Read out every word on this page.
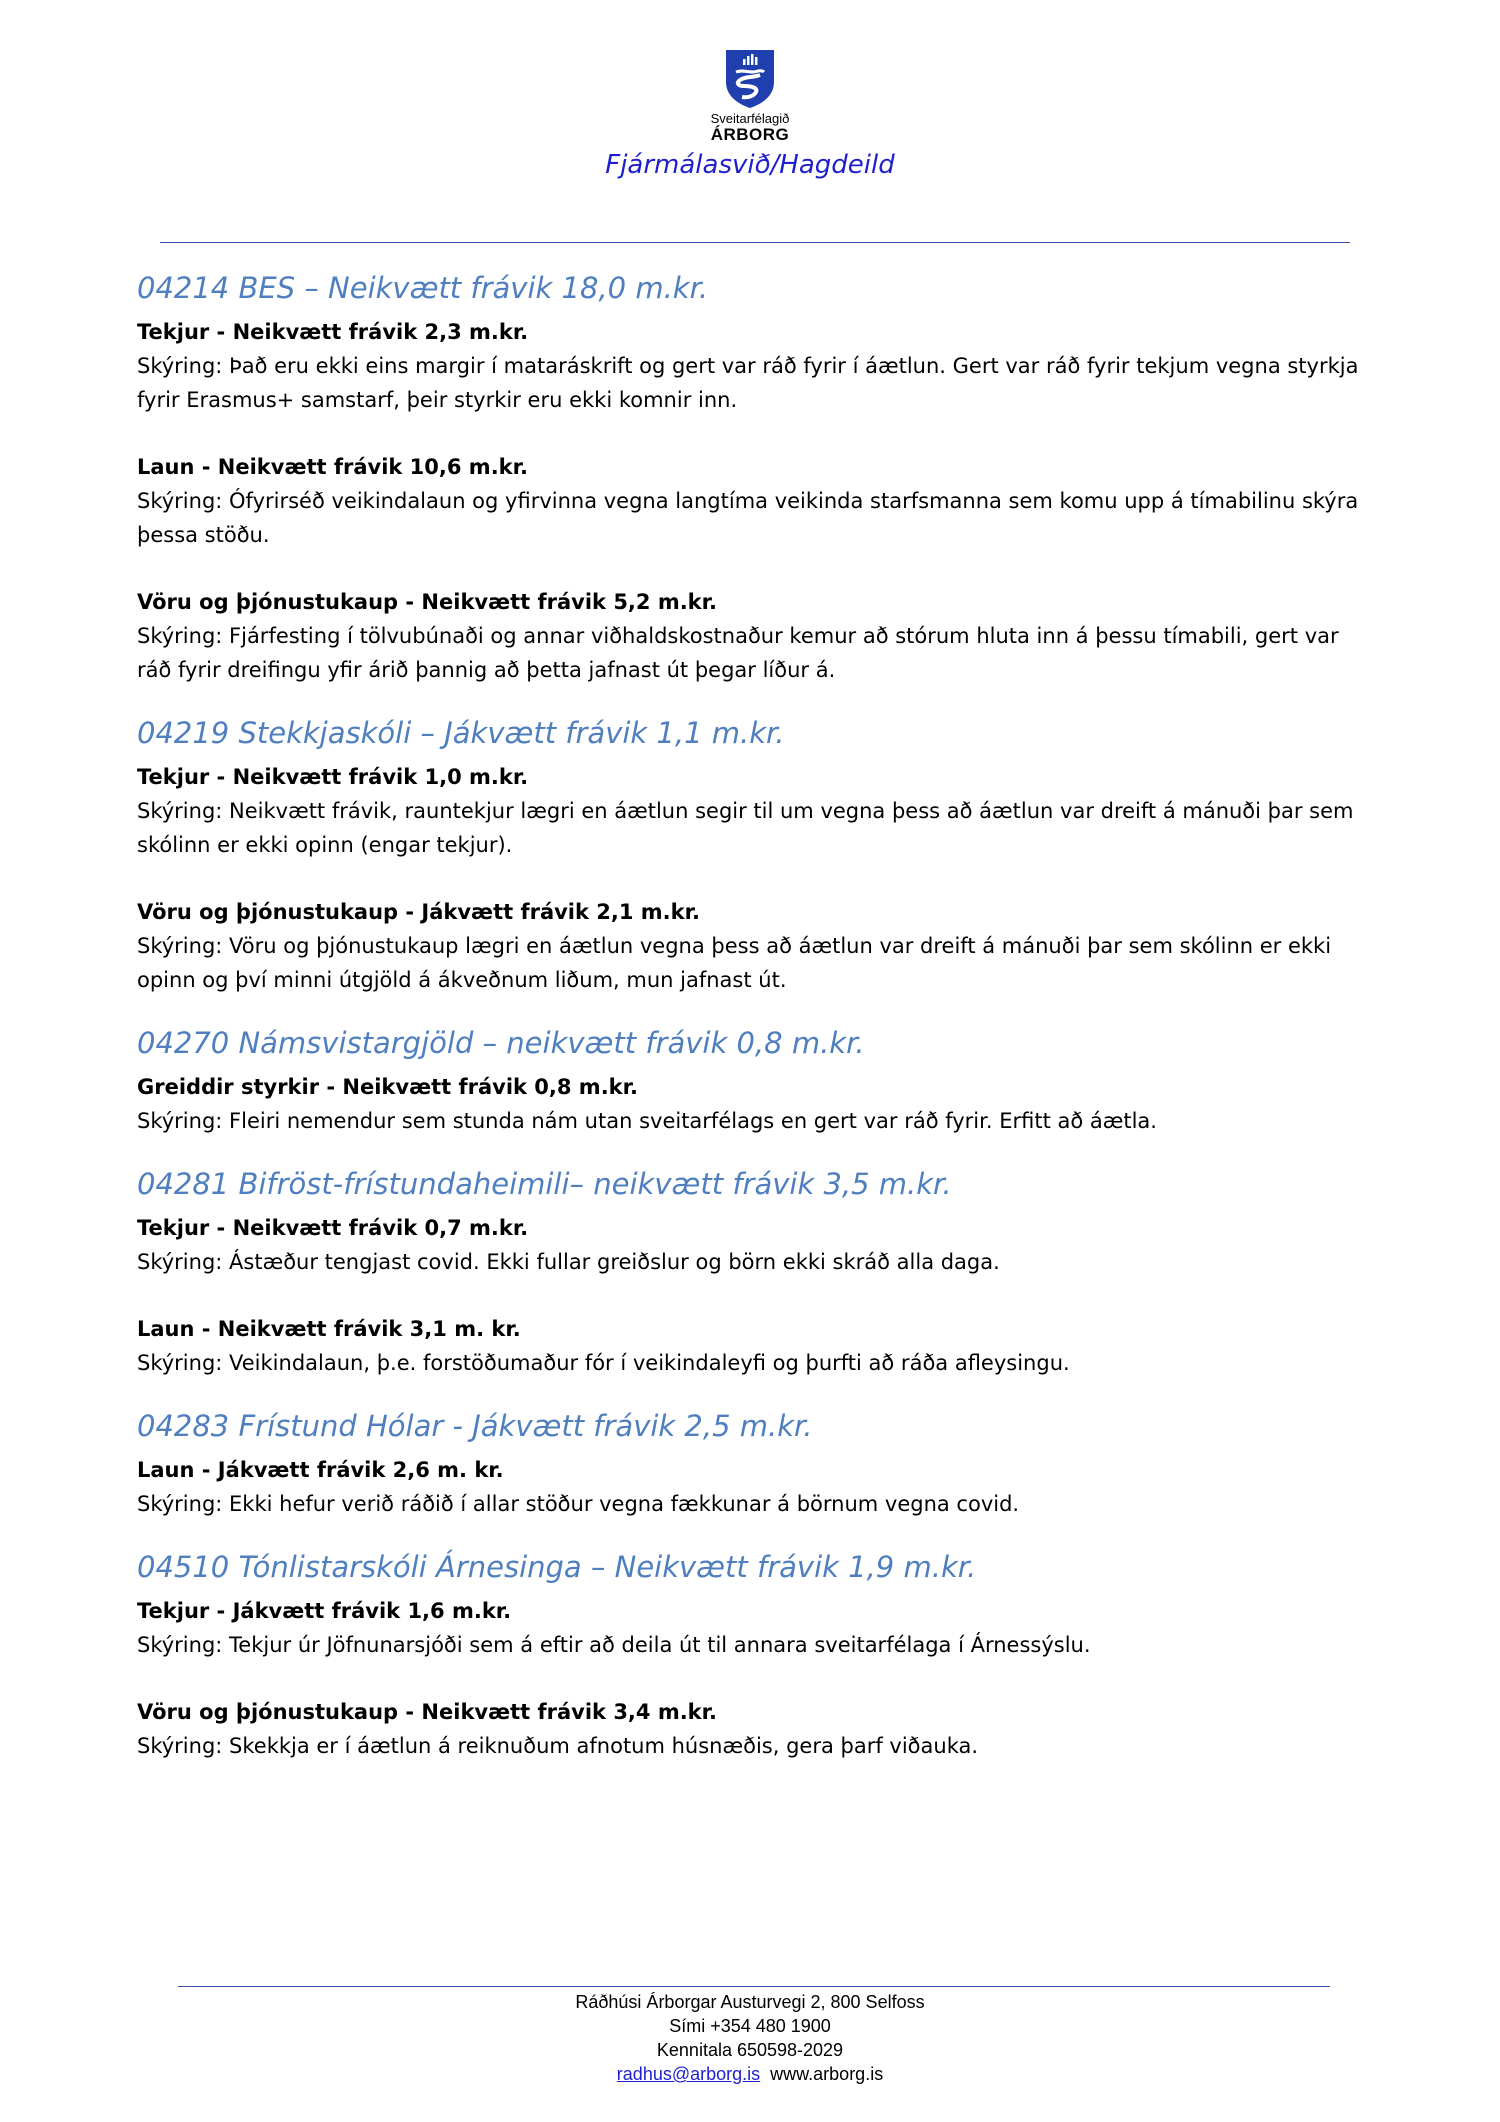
Sveitarfélagið
ÁRBORG
Fjármálasvið/Hagdeild
04214 BES – Neikvætt frávik 18,0 m.kr.
Tekjur - Neikvætt frávik 2,3 m.kr.
Skýring: Það eru ekki eins margir í mataráskrift og gert var ráð fyrir í áætlun. Gert var ráð fyrir tekjum vegna styrkja fyrir Erasmus+ samstarf, þeir styrkir eru ekki komnir inn.
Laun - Neikvætt frávik 10,6 m.kr.
Skýring: Ófyrirséð veikindalaun og yfirvinna vegna langtíma veikinda starfsmanna sem komu upp á tímabilinu skýra þessa stöðu.
Vöru og þjónustukaup - Neikvætt frávik 5,2 m.kr.
Skýring: Fjárfesting í tölvubúnaði og annar viðhaldskostnaður kemur að stórum hluta inn á þessu tímabili, gert var ráð fyrir dreifingu yfir árið þannig að þetta jafnast út þegar líður á.
04219 Stekkjaskóli – Jákvætt frávik 1,1 m.kr.
Tekjur - Neikvætt frávik 1,0 m.kr.
Skýring: Neikvætt frávik, rauntekjur lægri en áætlun segir til um vegna þess að áætlun var dreift á mánuði þar sem skólinn er ekki opinn (engar tekjur).
Vöru og þjónustukaup - Jákvætt frávik 2,1 m.kr.
Skýring: Vöru og þjónustukaup lægri en áætlun vegna þess að áætlun var dreift á mánuði þar sem skólinn er ekki opinn og því minni útgjöld á ákveðnum liðum, mun jafnast út.
04270 Námsvistargjöld – neikvætt frávik 0,8 m.kr.
Greiddir styrkir - Neikvætt frávik 0,8 m.kr.
Skýring: Fleiri nemendur sem stunda nám utan sveitarfélags en gert var ráð fyrir. Erfitt að áætla.
04281 Bifröst-frístundaheimili– neikvætt frávik 3,5 m.kr.
Tekjur - Neikvætt frávik 0,7 m.kr.
Skýring: Ástæður tengjast covid. Ekki fullar greiðslur og börn ekki skráð alla daga.
Laun - Neikvætt frávik 3,1 m. kr.
Skýring: Veikindalaun, þ.e. forstöðumaður fór í veikindaleyfi og þurfti að ráða afleysingu.
04283 Frístund Hólar - Jákvætt frávik 2,5 m.kr.
Laun - Jákvætt frávik 2,6 m. kr.
Skýring: Ekki hefur verið ráðið í allar stöður vegna fækkunar á börnum vegna covid.
04510 Tónlistarskóli Árnesinga – Neikvætt frávik 1,9 m.kr.
Tekjur - Jákvætt frávik 1,6 m.kr.
Skýring: Tekjur úr Jöfnunarsjóði sem á eftir að deila út til annara sveitarfélaga í Árnessýslu.
Vöru og þjónustukaup - Neikvætt frávik 3,4 m.kr.
Skýring: Skekkja er í áætlun á reiknuðum afnotum húsnæðis, gera þarf viðauka.
Ráðhúsi Árborgar Austurvegi 2, 800 Selfoss
Sími +354 480 1900
Kennitala 650598-2029
radhus@arborg.is www.arborg.is
